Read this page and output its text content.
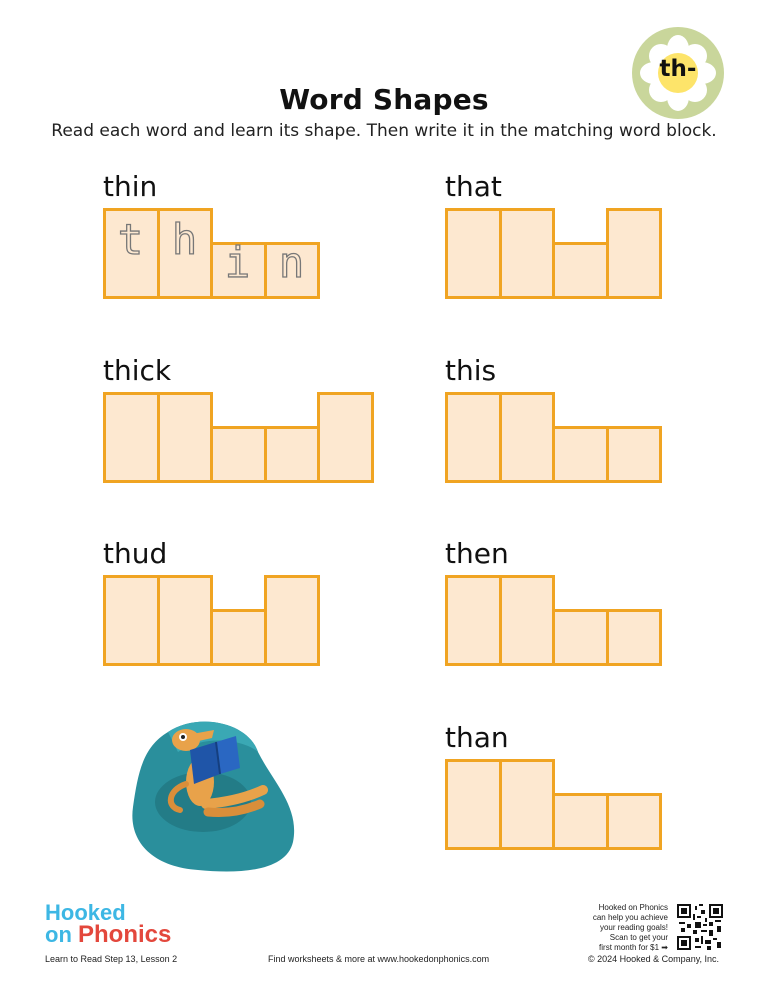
th-
Word Shapes
Read each word and learn its shape. Then write it in the matching word block.
thin
t h i n
that
thick	this
thud	then
than
Hooked
on Phonics
Learn to Read Step 13, Lesson 2	Find worksheets & more at www.hookedonphonics.com	© 2024 Hooked & Company, Inc.
Hooked on Phonics
can help you achieve
your reading goals!
Scan to get your
first month for $1 ➡
